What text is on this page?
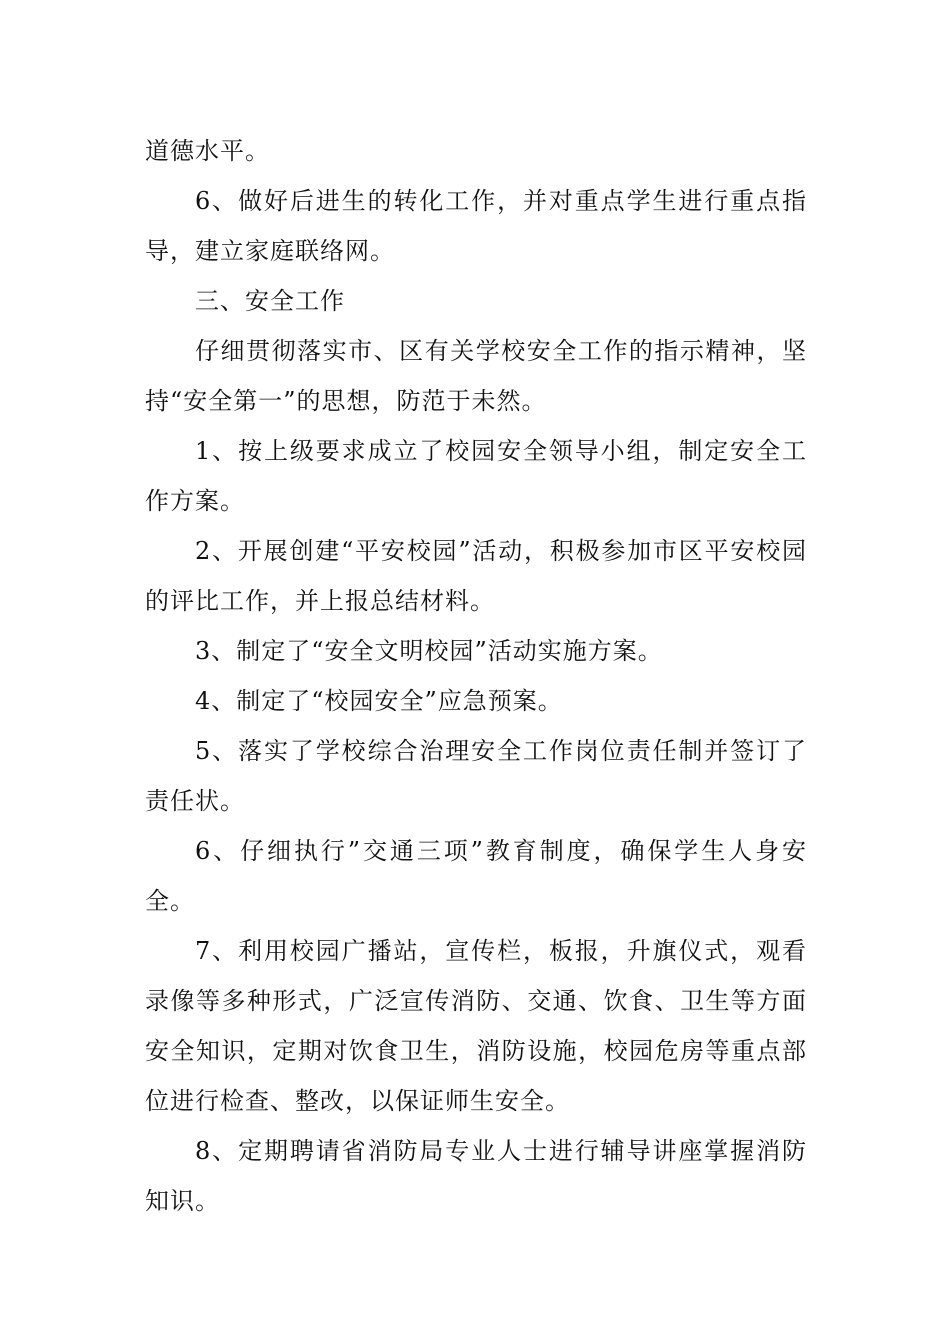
道德水平。

6、做好后进生的转化工作，并对重点学生进行重点指导，建立家庭联络网。

三、安全工作

仔细贯彻落实市、区有关学校安全工作的指示精神，坚持“安全第一”的思想，防范于未然。

1、按上级要求成立了校园安全领导小组，制定安全工作方案。

2、开展创建“平安校园”活动，积极参加市区平安校园的评比工作，并上报总结材料。

3、制定了“安全文明校园”活动实施方案。

4、制定了“校园安全”应急预案。

5、落实了学校综合治理安全工作岗位责任制并签订了责任状。

6、仔细执行”交通三项”教育制度，确保学生人身安全。

7、利用校园广播站，宣传栏，板报，升旗仪式，观看录像等多种形式，广泛宣传消防、交通、饮食、卫生等方面安全知识，定期对饮食卫生，消防设施，校园危房等重点部位进行检查、整改，以保证师生安全。

8、定期聘请省消防局专业人士进行辅导讲座掌握消防知识。
